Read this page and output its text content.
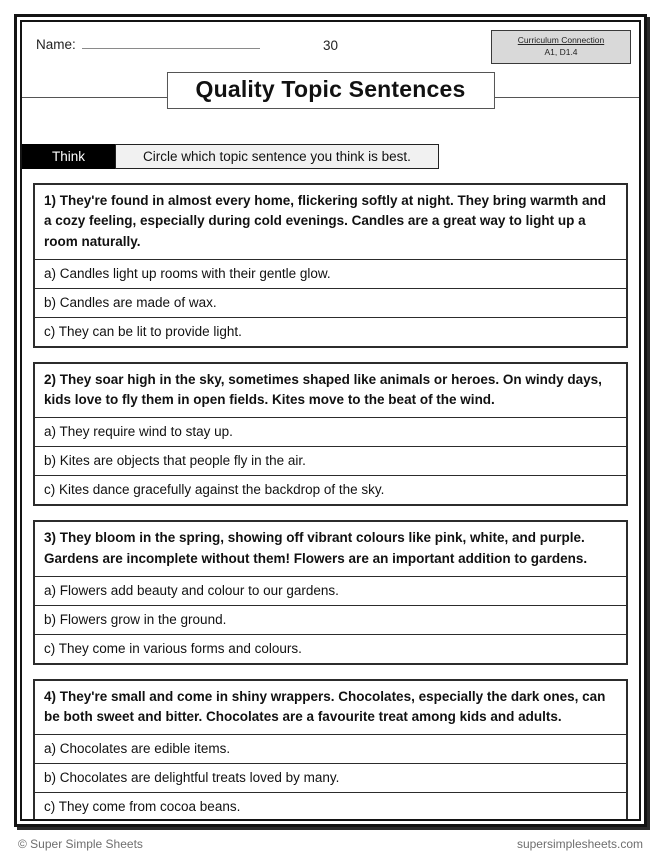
Name:	30	Curriculum Connection
A1, D1.4
Quality Topic Sentences
Think	Circle which topic sentence you think is best.
1) They're found in almost every home, flickering softly at night. They bring warmth and a cozy feeling, especially during cold evenings. Candles are a great way to light up a room naturally.
a) Candles light up rooms with their gentle glow.
b) Candles are made of wax.
c) They can be lit to provide light.
2) They soar high in the sky, sometimes shaped like animals or heroes. On windy days, kids love to fly them in open fields. Kites move to the beat of the wind.
a) They require wind to stay up.
b) Kites are objects that people fly in the air.
c) Kites dance gracefully against the backdrop of the sky.
3) They bloom in the spring, showing off vibrant colours like pink, white, and purple. Gardens are incomplete without them! Flowers are an important addition to gardens.
a) Flowers add beauty and colour to our gardens.
b) Flowers grow in the ground.
c) They come in various forms and colours.
4) They're small and come in shiny wrappers. Chocolates, especially the dark ones, can be both sweet and bitter. Chocolates are a favourite treat among kids and adults.
a) Chocolates are edible items.
b) Chocolates are delightful treats loved by many.
c) They come from cocoa beans.
© Super Simple Sheets	supersimplesheets.com
